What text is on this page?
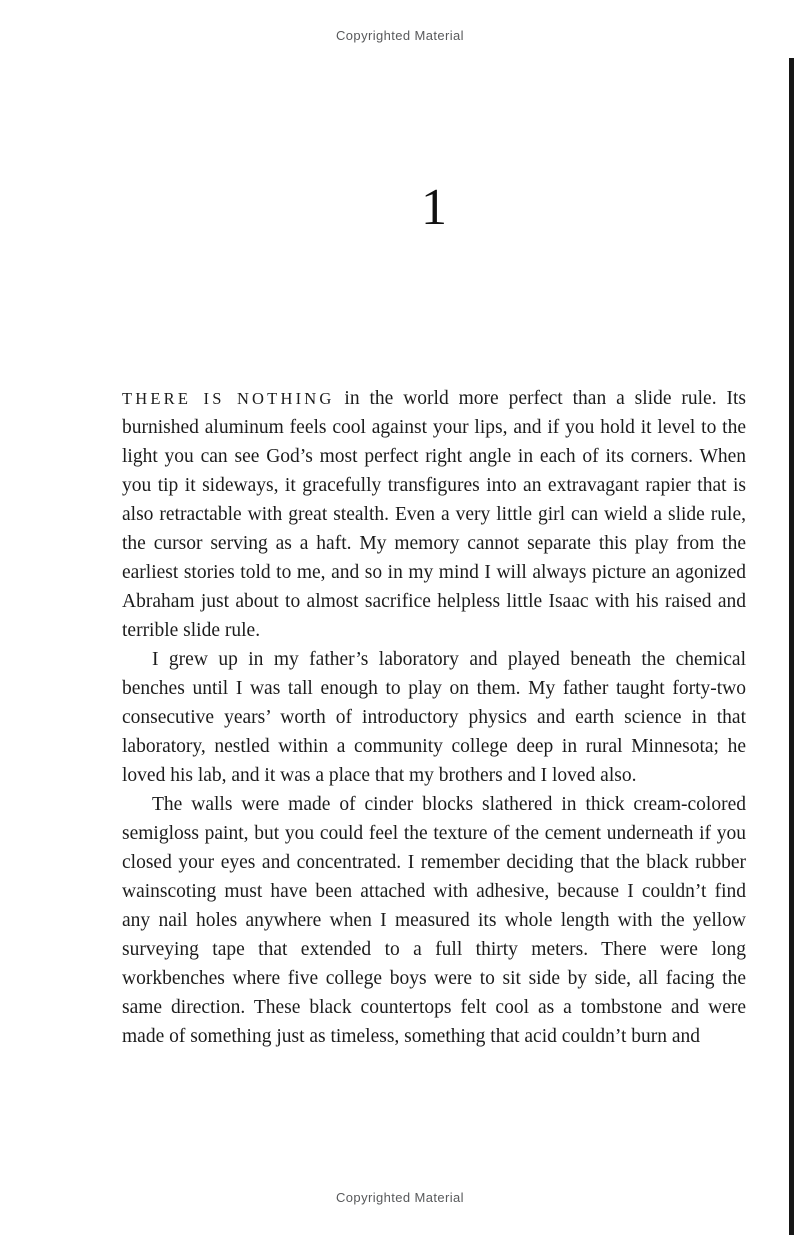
Copyrighted Material
1

THERE IS NOTHING in the world more perfect than a slide rule. Its burnished aluminum feels cool against your lips, and if you hold it level to the light you can see God’s most perfect right angle in each of its corners. When you tip it sideways, it gracefully transfigures into an extravagant rapier that is also retractable with great stealth. Even a very little girl can wield a slide rule, the cursor serving as a haft. My memory cannot separate this play from the earliest stories told to me, and so in my mind I will always picture an agonized Abraham just about to almost sacrifice helpless little Isaac with his raised and terrible slide rule.

I grew up in my father’s laboratory and played beneath the chemical benches until I was tall enough to play on them. My father taught forty-two consecutive years’ worth of introductory physics and earth science in that laboratory, nestled within a community college deep in rural Minnesota; he loved his lab, and it was a place that my brothers and I loved also.

The walls were made of cinder blocks slathered in thick cream-colored semigloss paint, but you could feel the texture of the cement underneath if you closed your eyes and concentrated. I remember deciding that the black rubber wainscoting must have been attached with adhesive, because I couldn’t find any nail holes anywhere when I measured its whole length with the yellow surveying tape that extended to a full thirty meters. There were long workbenches where five college boys were to sit side by side, all facing the same direction. These black countertops felt cool as a tombstone and were made of something just as timeless, something that acid couldn’t burn and

Copyrighted Material
